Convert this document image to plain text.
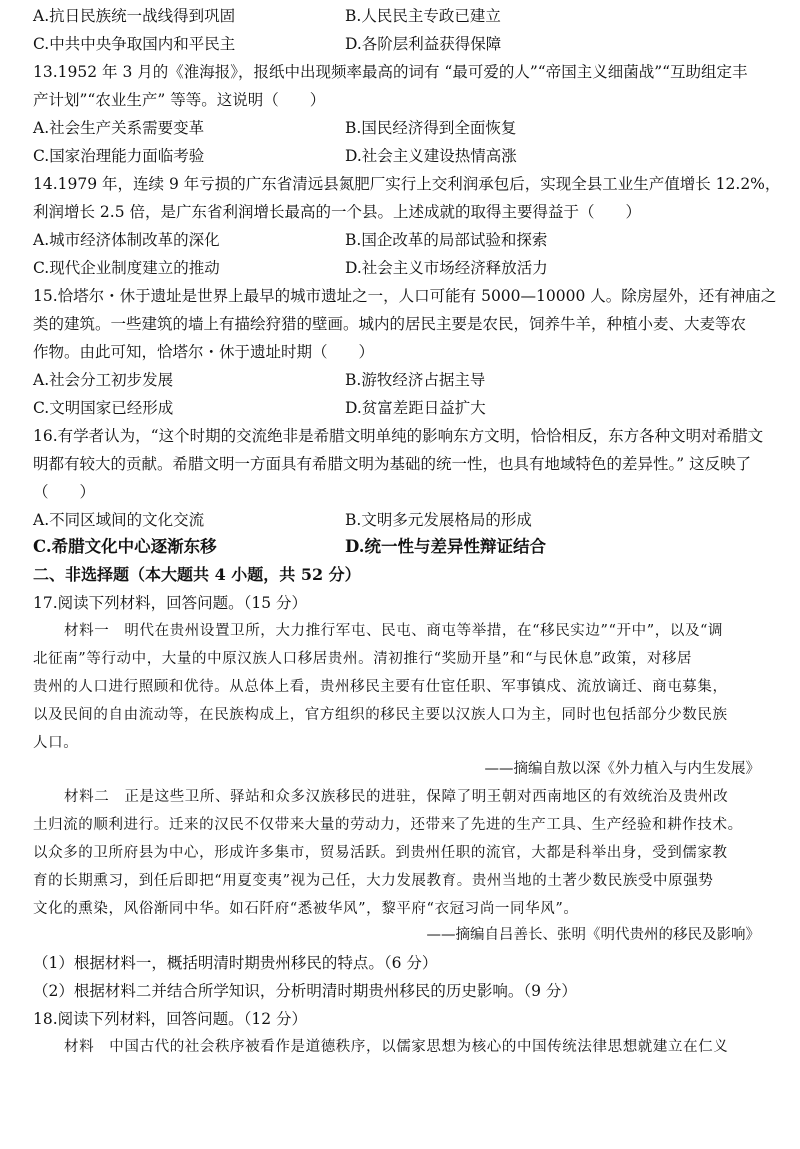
A.抗日民族统一战线得到巩固	B.人民民主专政已建立
C.中共中央争取国内和平民主	D.各阶层利益获得保障
13.1952 年 3 月的《淮海报》，报纸中出现频率最高的词有 “最可爱的人”“帝国主义细菌战”“互助组定丰
产计划”“农业生产” 等等。这说明（　　）
A.社会生产关系需要变革	B.国民经济得到全面恢复
C.国家治理能力面临考验	D.社会主义建设热情高涨
14.1979 年，连续 9 年亏损的广东省清远县氮肥厂实行上交利润承包后，实现全县工业生产值增长 12.2%，
利润增长 2.5 倍，是广东省利润增长最高的一个县。上述成就的取得主要得益于（　　）
A.城市经济体制改革的深化	B.国企改革的局部试验和探索
C.现代企业制度建立的推动	D.社会主义市场经济释放活力
15.恰塔尔・休于遗址是世界上最早的城市遗址之一，人口可能有 5000—10000 人。除房屋外，还有神庙之
类的建筑。一些建筑的墙上有描绘狩猎的壁画。城内的居民主要是农民，饲养牛羊，种植小麦、大麦等农
作物。由此可知，恰塔尔・休于遗址时期（　　）
A.社会分工初步发展	B.游牧经济占据主导
C.文明国家已经形成	D.贫富差距日益扩大
16.有学者认为，“这个时期的交流绝非是希腊文明单纯的影响东方文明，恰恰相反，东方各种文明对希腊文
明都有较大的贡献。希腊文明一方面具有希腊文明为基础的统一性，也具有地域特色的差异性。” 这反映了
（　　）
A.不同区域间的文化交流	B.文明多元发展格局的形成
C.希腊文化中心逐渐东移	D.统一性与差异性辩证结合
二、非选择题（本大题共 4 小题，共 52 分）
17.阅读下列材料，回答问题。（15 分）
材料一　明代在贵州设置卫所，大力推行军屯、民屯、商屯等举措，在“移民实边”“开中”，以及“调
北征南”等行动中，大量的中原汉族人口移居贵州。清初推行“奖励开垦”和“与民休息”政策，对移居
贵州的人口进行照顾和优待。从总体上看，贵州移民主要有仕宦任职、军事镇戍、流放谪迁、商屯募集，
以及民间的自由流动等，在民族构成上，官方组织的移民主要以汉族人口为主，同时也包括部分少数民族
人口。
——摘编自敖以深《外力植入与内生发展》
材料二　正是这些卫所、驿站和众多汉族移民的进驻，保障了明王朝对西南地区的有效统治及贵州改
土归流的顺利进行。迁来的汉民不仅带来大量的劳动力，还带来了先进的生产工具、生产经验和耕作技术。
以众多的卫所府县为中心，形成许多集市，贸易活跃。到贵州任职的流官，大都是科举出身，受到儒家教
育的长期熏习，到任后即把“用夏变夷”视为己任，大力发展教育。贵州当地的土著少数民族受中原强势
文化的熏染，风俗渐同中华。如石阡府“悉被华风”，黎平府“衣冠习尚一同华风”。
——摘编自吕善长、张明《明代贵州的移民及影响》
（1）根据材料一，概括明清时期贵州移民的特点。（6 分）
（2）根据材料二并结合所学知识，分析明清时期贵州移民的历史影响。（9 分）
18.阅读下列材料，回答问题。（12 分）
材料　中国古代的社会秩序被看作是道德秩序，以儒家思想为核心的中国传统法律思想就建立在仁义
